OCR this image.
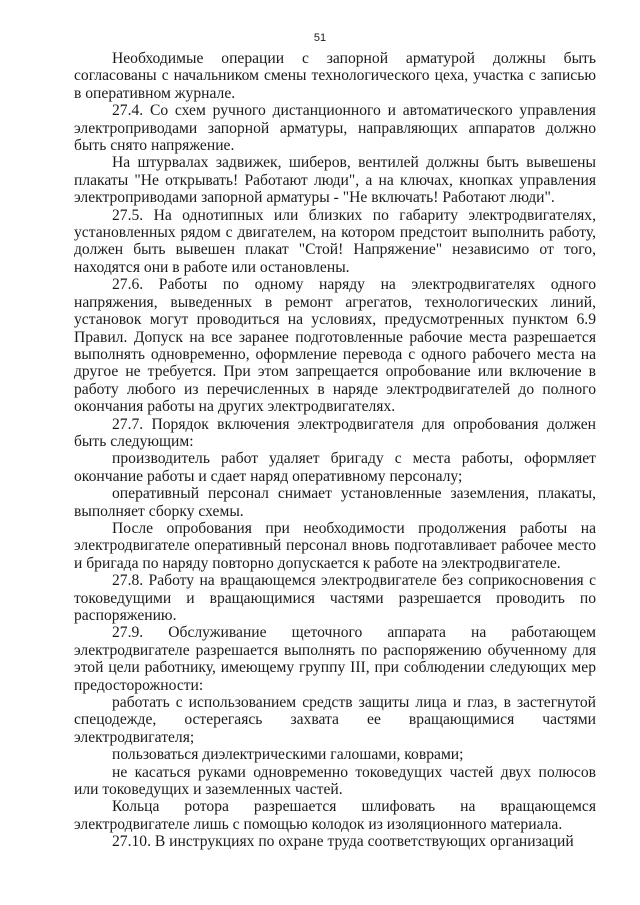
51

Необходимые операции с запорной арматурой должны быть согласованы с начальником смены технологического цеха, участка с записью в оперативном журнале.

27.4. Со схем ручного дистанционного и автоматического управления электроприводами запорной арматуры, направляющих аппаратов должно быть снято напряжение.

На штурвалах задвижек, шиберов, вентилей должны быть вывешены плакаты "Не открывать! Работают люди", а на ключах, кнопках управления электроприводами запорной арматуры - "Не включать! Работают люди".

27.5. На однотипных или близких по габариту электродвигателях, установленных рядом с двигателем, на котором предстоит выполнить работу, должен быть вывешен плакат "Стой! Напряжение" независимо от того, находятся они в работе или остановлены.

27.6. Работы по одному наряду на электродвигателях одного напряжения, выведенных в ремонт агрегатов, технологических линий, установок могут проводиться на условиях, предусмотренных пунктом 6.9 Правил. Допуск на все заранее подготовленные рабочие места разрешается выполнять одновременно, оформление перевода с одного рабочего места на другое не требуется. При этом запрещается опробование или включение в работу любого из перечисленных в наряде электродвигателей до полного окончания работы на других электродвигателях.

27.7. Порядок включения электродвигателя для опробования должен быть следующим:

производитель работ удаляет бригаду с места работы, оформляет окончание работы и сдает наряд оперативному персоналу;

оперативный персонал снимает установленные заземления, плакаты, выполняет сборку схемы.

После опробования при необходимости продолжения работы на электродвигателе оперативный персонал вновь подготавливает рабочее место и бригада по наряду повторно допускается к работе на электродвигателе.

27.8. Работу на вращающемся электродвигателе без соприкосновения с токоведущими и вращающимися частями разрешается проводить по распоряжению.

27.9. Обслуживание щеточного аппарата на работающем электродвигателе разрешается выполнять по распоряжению обученному для этой цели работнику, имеющему группу III, при соблюдении следующих мер предосторожности:

работать с использованием средств защиты лица и глаз, в застегнутой спецодежде, остерегаясь захвата ее вращающимися частями электродвигателя;

пользоваться диэлектрическими галошами, коврами;

не касаться руками одновременно токоведущих частей двух полюсов или токоведущих и заземленных частей.

Кольца ротора разрешается шлифовать на вращающемся электродвигателе лишь с помощью колодок из изоляционного материала.

27.10. В инструкциях по охране труда соответствующих организаций
